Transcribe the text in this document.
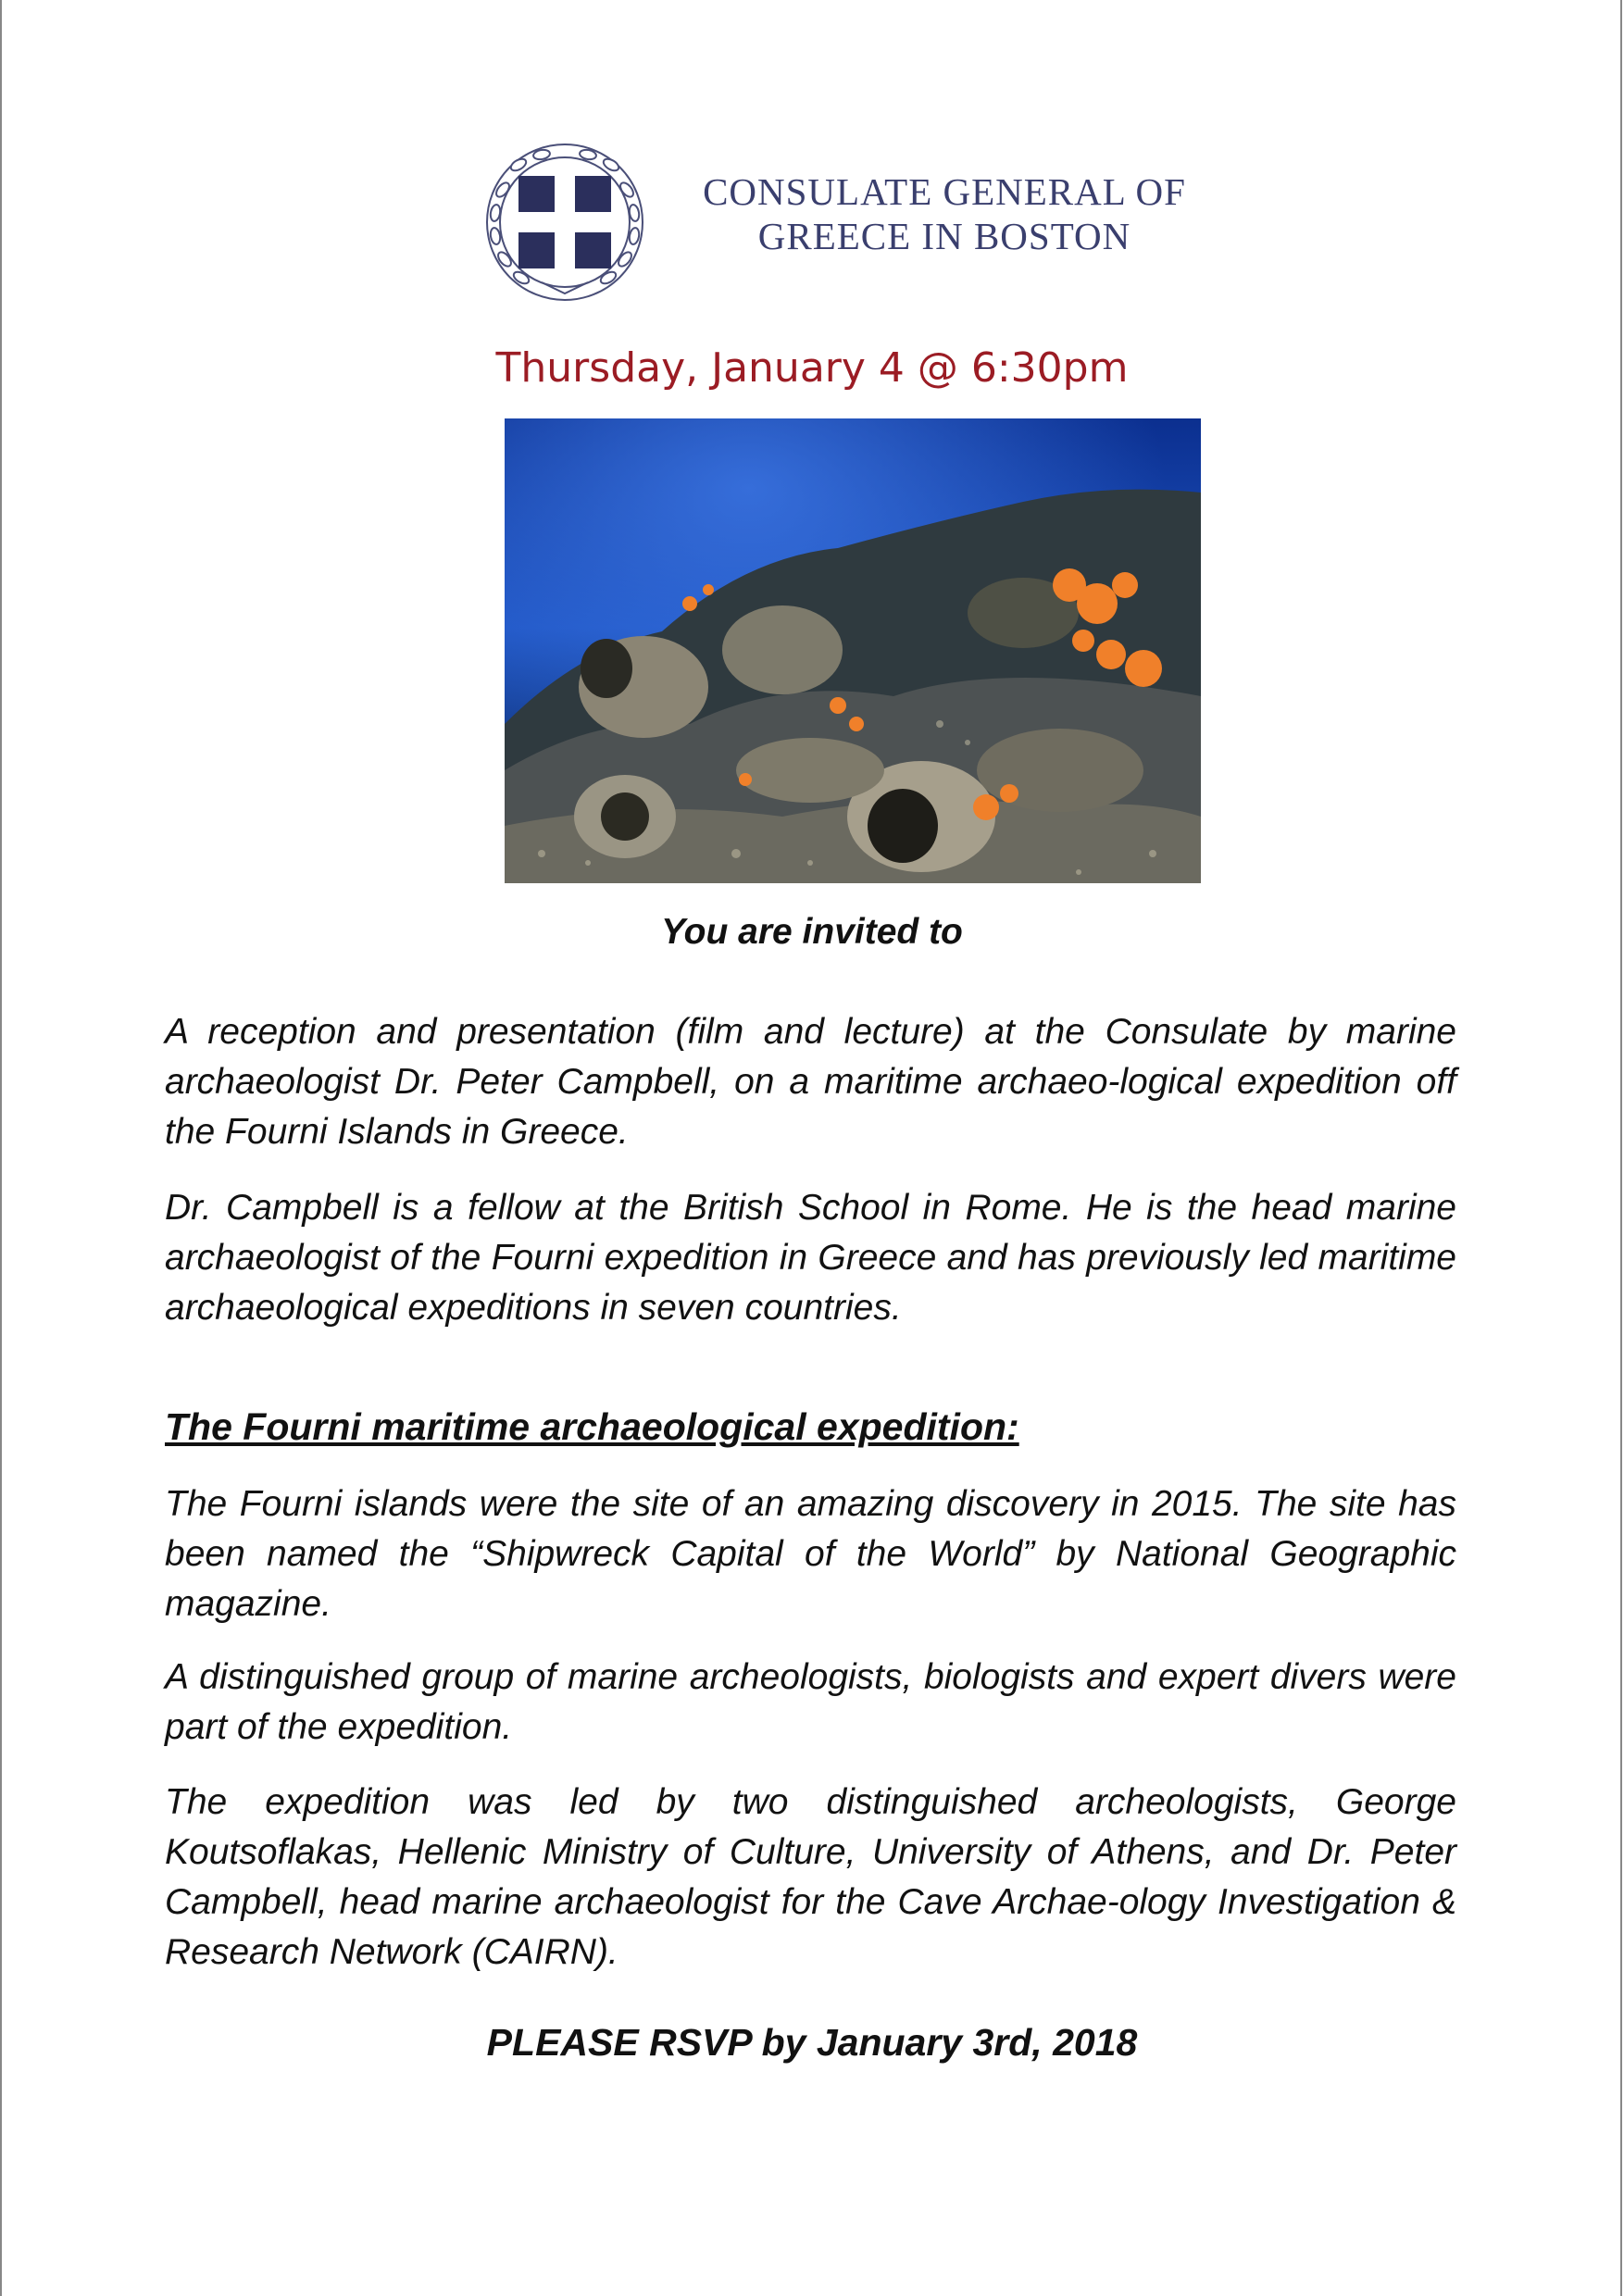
CONSULATE GENERAL OF
GREECE IN BOSTON
Thursday, January 4 @ 6:30pm
You are invited to
A reception and presentation (film and lecture) at the Consulate by marine archaeologist Dr. Peter Campbell, on a maritime archaeo-logical expedition off the Fourni Islands in Greece.
Dr. Campbell is a fellow at the British School in Rome. He is the head marine archaeologist of the Fourni expedition in Greece and has previously led maritime archaeological expeditions in seven countries.
The Fourni maritime archaeological expedition:
The Fourni islands were the site of an amazing discovery in 2015. The site has been named the “Shipwreck Capital of the World” by National Geographic magazine.
A distinguished group of marine archeologists, biologists and expert divers were part of the expedition.
The expedition was led by two distinguished archeologists, George Koutsoflakas, Hellenic Ministry of Culture, University of Athens, and Dr. Peter Campbell, head marine archaeologist for the Cave Archae-ology Investigation & Research Network (CAIRN).
PLEASE RSVP by January 3rd, 2018
